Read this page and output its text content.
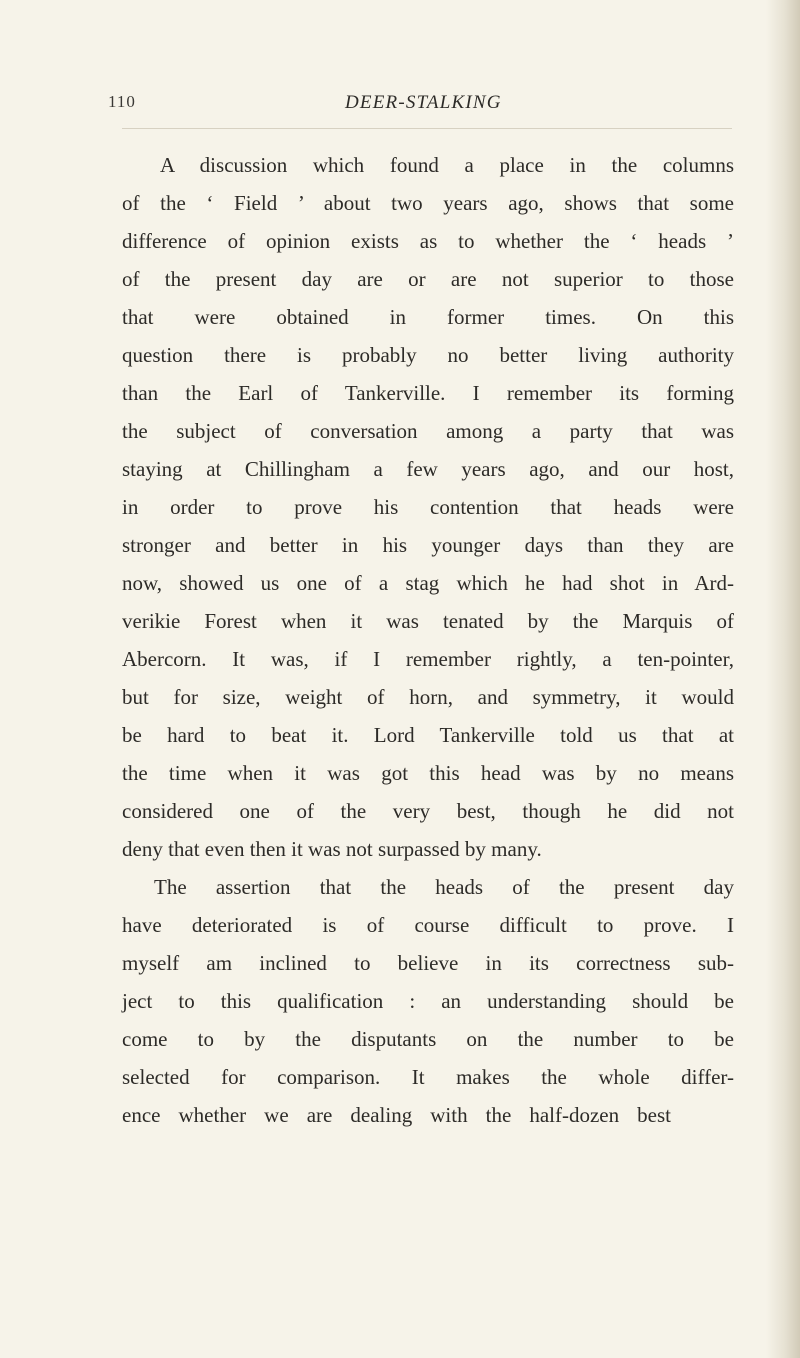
110	DEER-STALKING
A discussion which found a place in the columns
of the ‘ Field ’ about two years ago, shows that some
difference of opinion exists as to whether the ‘ heads ’
of the present day are or are not superior to those
that were obtained in former times. On this
question there is probably no better living authority
than the Earl of Tankerville. I remember its forming
the subject of conversation among a party that was
staying at Chillingham a few years ago, and our host,
in order to prove his contention that heads were
stronger and better in his younger days than they are
now, showed us one of a stag which he had shot in Ard-
verikie Forest when it was tenated by the Marquis of
Abercorn. It was, if I remember rightly, a ten-pointer,
but for size, weight of horn, and symmetry, it would
be hard to beat it. Lord Tankerville told us that at
the time when it was got this head was by no means
considered one of the very best, though he did not
deny that even then it was not surpassed by many.
The assertion that the heads of the present day
have deteriorated is of course difficult to prove. I
myself am inclined to believe in its correctness sub-
ject to this qualification : an understanding should be
come to by the disputants on the number to be
selected for comparison. It makes the whole differ-
ence whether we are dealing with the half-dozen best
